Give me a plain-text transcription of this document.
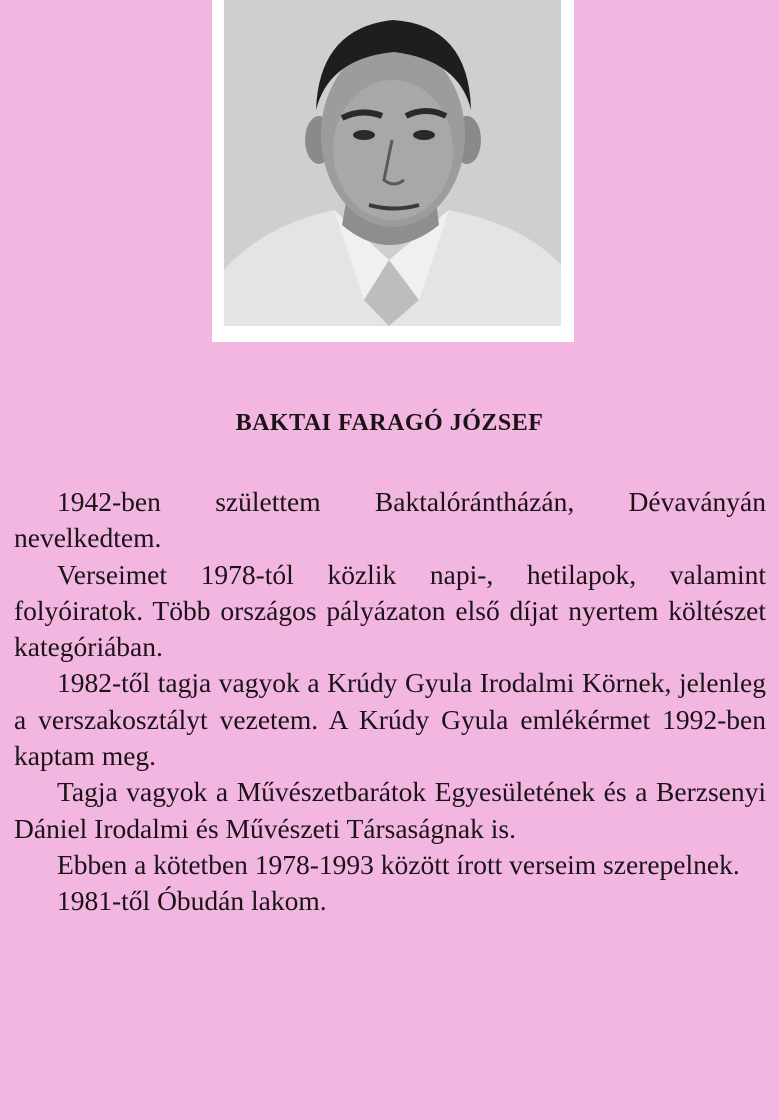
BAKTAI FARAGÓ JÓZSEF

1942-ben születtem Baktalórántházán, Dévaványán nevelkedtem.

Verseimet 1978-tól közlik napi-, hetilapok, valamint folyóiratok. Több országos pályázaton első díjat nyertem költészet kategóriában.

1982-től tagja vagyok a Krúdy Gyula Irodalmi Körnek, jelenleg a verszakosztályt vezetem. A Krúdy Gyula emlékérmet 1992-ben kaptam meg.

Tagja vagyok a Művészetbarátok Egyesületének és a Berzsenyi Dániel Irodalmi és Művészeti Társaságnak is.

Ebben a kötetben 1978-1993 között írott verseim szerepelnek.

1981-től Óbudán lakom.
